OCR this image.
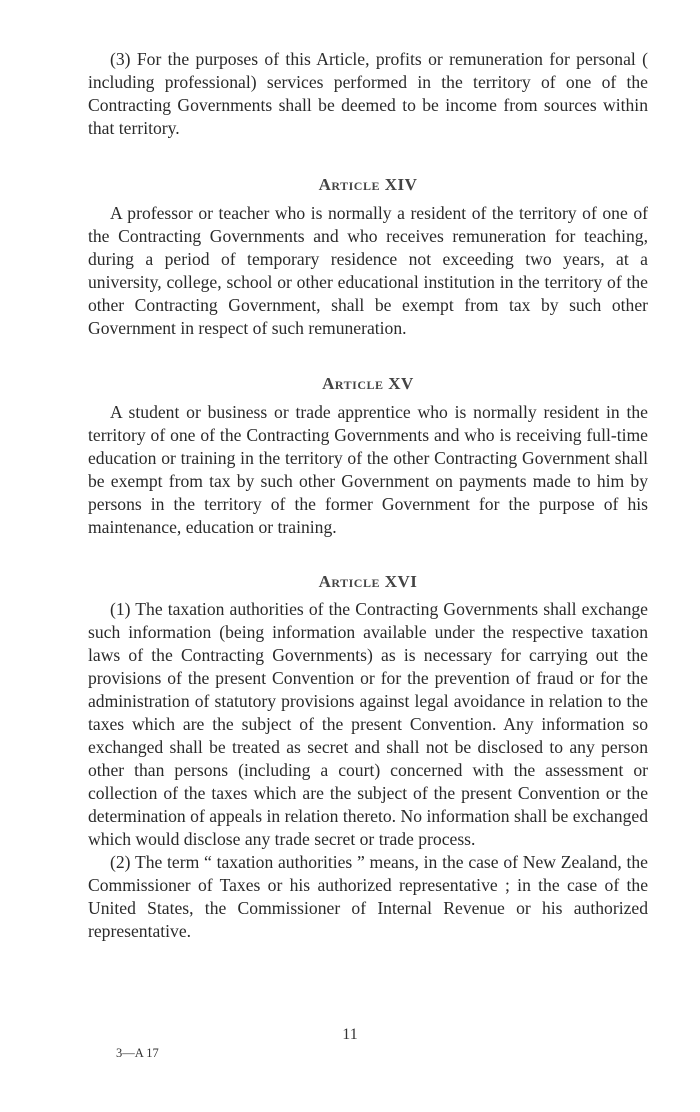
(3) For the purposes of this Article, profits or remuneration for personal ( including professional) services performed in the territory of one of the Contracting Governments shall be deemed to be income from sources within that territory.

Article XIV

A professor or teacher who is normally a resident of the territory of one of the Contracting Governments and who receives remuneration for teaching, during a period of temporary residence not exceeding two years, at a university, college, school or other educational institution in the territory of the other Contracting Government, shall be exempt from tax by such other Government in respect of such remuneration.

Article XV

A student or business or trade apprentice who is normally resident in the territory of one of the Contracting Governments and who is receiving full-time education or training in the territory of the other Contracting Government shall be exempt from tax by such other Government on payments made to him by persons in the territory of the former Government for the purpose of his maintenance, education or training.

Article XVI

(1) The taxation authorities of the Contracting Governments shall exchange such information (being information available under the respective taxation laws of the Contracting Governments) as is necessary for carrying out the provisions of the present Convention or for the prevention of fraud or for the administration of statutory provisions against legal avoidance in relation to the taxes which are the subject of the present Convention. Any information so exchanged shall be treated as secret and shall not be disclosed to any person other than persons (including a court) concerned with the assessment or collection of the taxes which are the subject of the present Convention or the determination of appeals in relation thereto. No information shall be exchanged which would disclose any trade secret or trade process.

(2) The term “ taxation authorities ” means, in the case of New Zealand, the Commissioner of Taxes or his authorized representative ; in the case of the United States, the Commissioner of Internal Revenue or his authorized representative.

11
3—A 17
